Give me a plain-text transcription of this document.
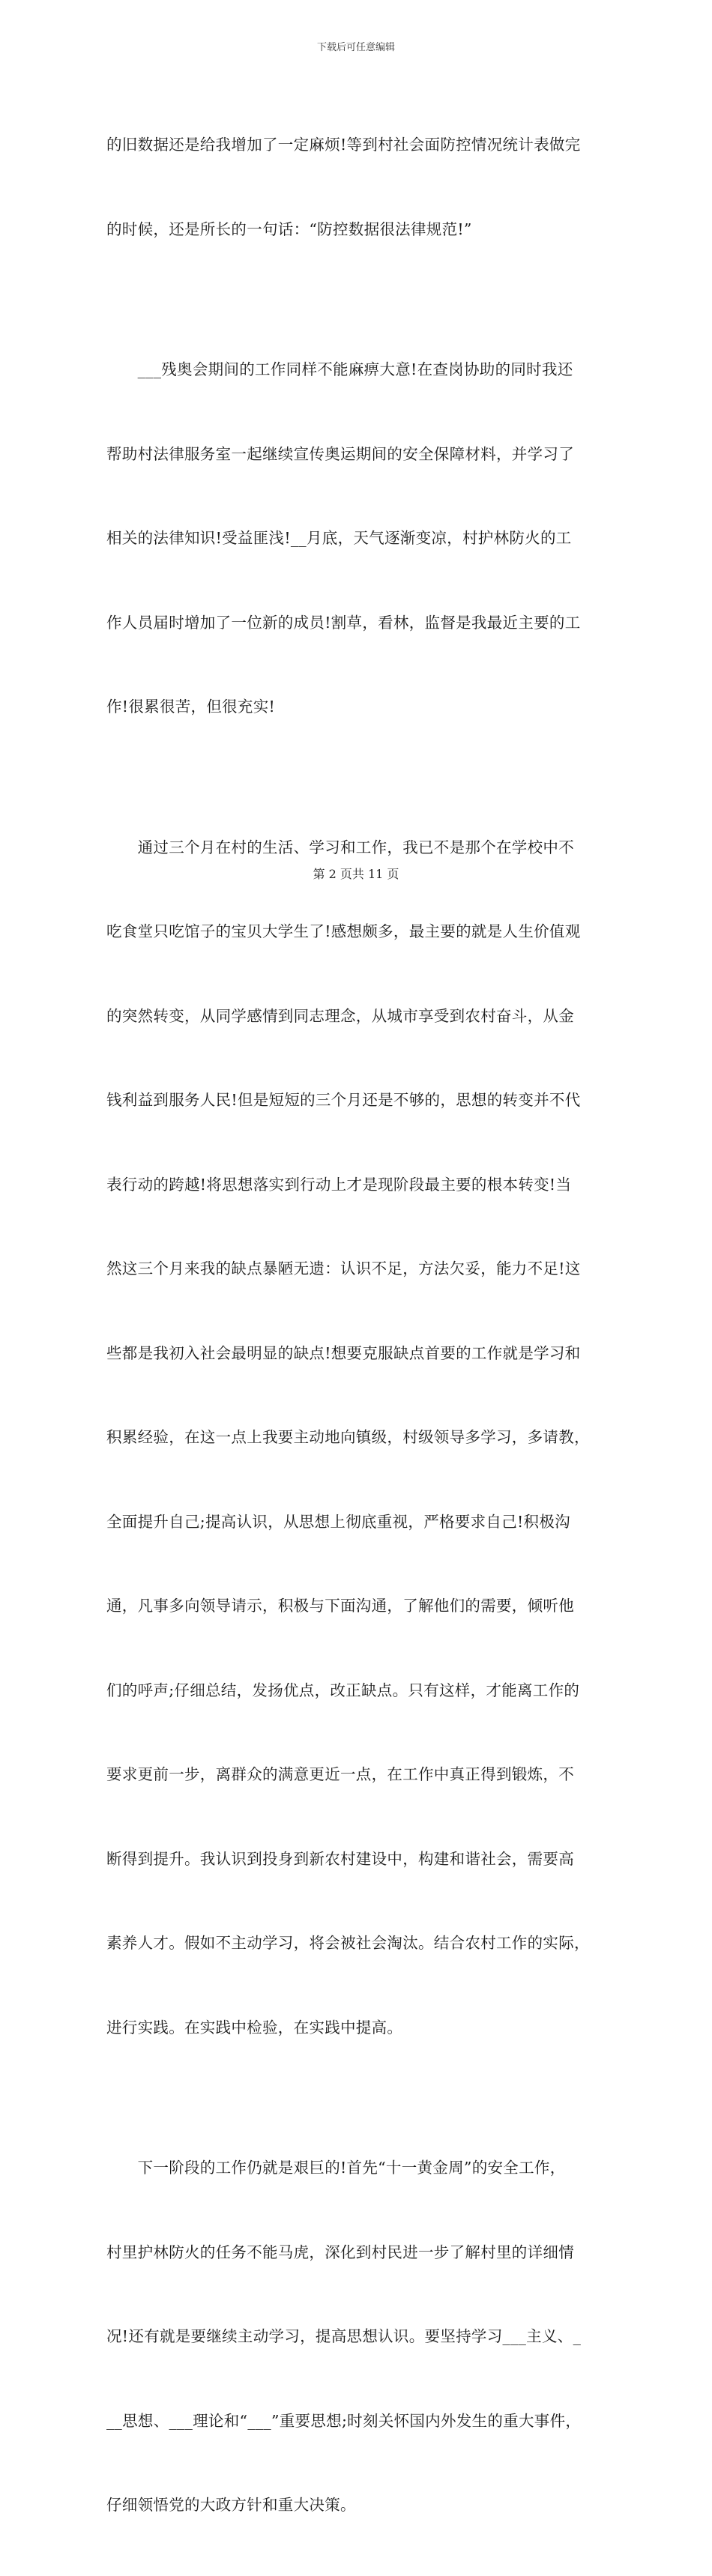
下载后可任意编辑

的旧数据还是给我增加了一定麻烦!等到村社会面防控情况统计表做完

的时候，还是所长的一句话：“防控数据很法律规范!”

　　___残奥会期间的工作同样不能麻痹大意!在查岗协助的同时我还

帮助村法律服务室一起继续宣传奥运期间的安全保障材料，并学习了

相关的法律知识!受益匪浅!__月底，天气逐渐变凉，村护林防火的工

作人员届时增加了一位新的成员!割草，看林，监督是我最近主要的工

作!很累很苦，但很充实!

　　通过三个月在村的生活、学习和工作，我已不是那个在学校中不

吃食堂只吃馆子的宝贝大学生了!感想颇多，最主要的就是人生价值观

的突然转变，从同学感情到同志理念，从城市享受到农村奋斗，从金

钱利益到服务人民!但是短短的三个月还是不够的，思想的转变并不代

表行动的跨越!将思想落实到行动上才是现阶段最主要的根本转变!当

然这三个月来我的缺点暴陋无遗：认识不足，方法欠妥，能力不足!这

些都是我初入社会最明显的缺点!想要克服缺点首要的工作就是学习和

积累经验，在这一点上我要主动地向镇级，村级领导多学习，多请教，

全面提升自己;提高认识，从思想上彻底重视，严格要求自己!积极沟

通，凡事多向领导请示，积极与下面沟通，了解他们的需要，倾听他

们的呼声;仔细总结，发扬优点，改正缺点。只有这样，才能离工作的

要求更前一步，离群众的满意更近一点，在工作中真正得到锻炼，不

断得到提升。我认识到投身到新农村建设中，构建和谐社会，需要高

素养人才。假如不主动学习，将会被社会淘汰。结合农村工作的实际，

进行实践。在实践中检验，在实践中提高。

　　下一阶段的工作仍就是艰巨的!首先“十一黄金周”的安全工作，

村里护林防火的任务不能马虎，深化到村民进一步了解村里的详细情

况!还有就是要继续主动学习，提高思想认识。要坚持学习___主义、_

__思想、___理论和“___”重要思想;时刻关怀国内外发生的重大事件，

仔细领悟党的大政方针和重大决策。

第 2 页共 11 页
